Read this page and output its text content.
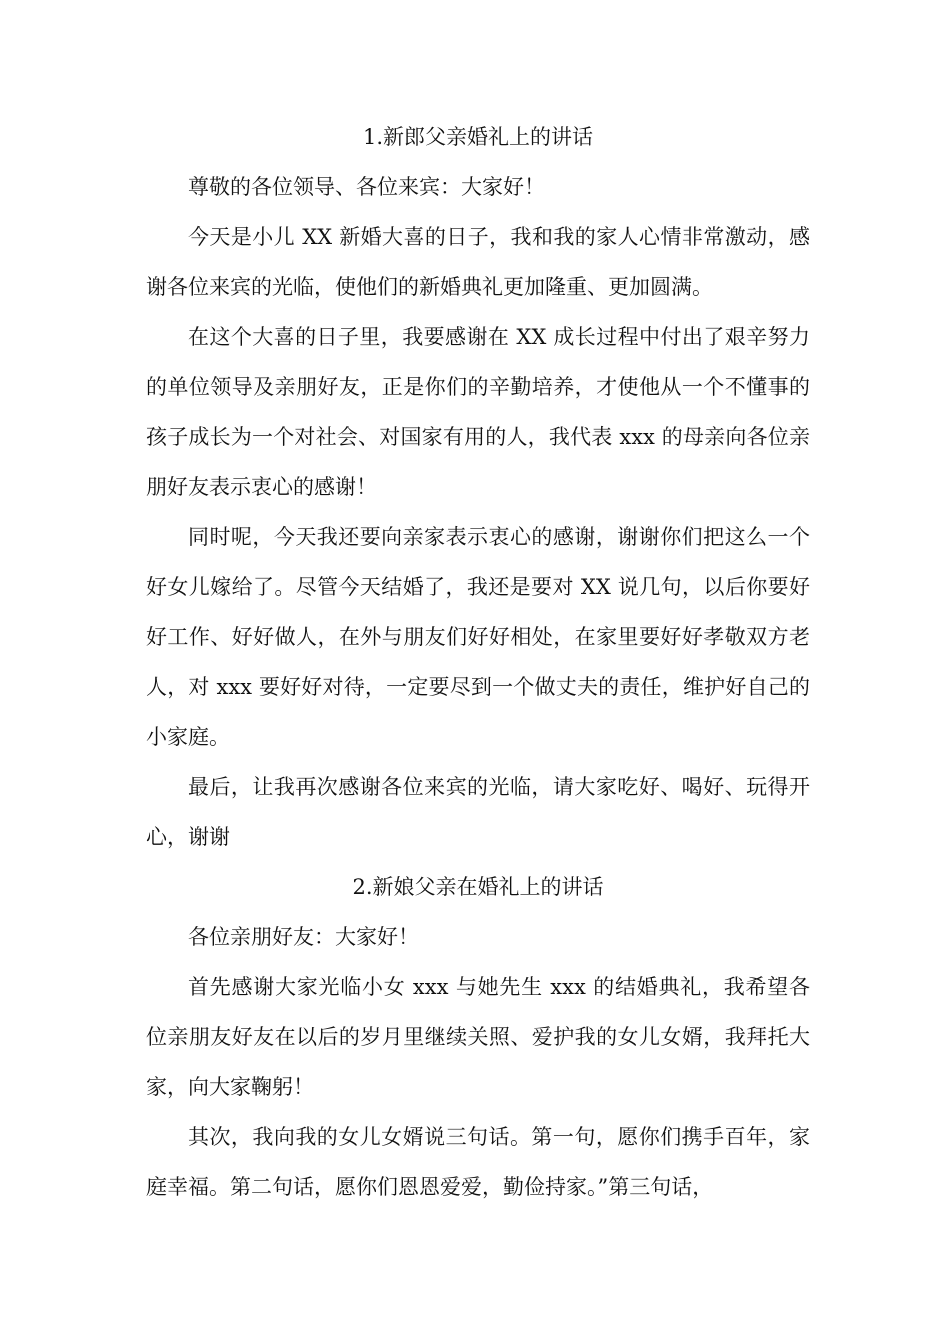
1.新郎父亲婚礼上的讲话

尊敬的各位领导、各位来宾：大家好！

今天是小儿 XX 新婚大喜的日子，我和我的家人心情非常激动，感谢各位来宾的光临，使他们的新婚典礼更加隆重、更加圆满。

在这个大喜的日子里，我要感谢在 XX 成长过程中付出了艰辛努力的单位领导及亲朋好友，正是你们的辛勤培养，才使他从一个不懂事的孩子成长为一个对社会、对国家有用的人，我代表 xxx 的母亲向各位亲朋好友表示衷心的感谢！

同时呢，今天我还要向亲家表示衷心的感谢，谢谢你们把这么一个好女儿嫁给了。尽管今天结婚了，我还是要对 XX 说几句，以后你要好好工作、好好做人，在外与朋友们好好相处，在家里要好好孝敬双方老人，对 xxx 要好好对待，一定要尽到一个做丈夫的责任，维护好自己的小家庭。

最后，让我再次感谢各位来宾的光临，请大家吃好、喝好、玩得开心，谢谢

2.新娘父亲在婚礼上的讲话

各位亲朋好友：大家好！

首先感谢大家光临小女 xxx 与她先生 xxx 的结婚典礼，我希望各位亲朋友好友在以后的岁月里继续关照、爱护我的女儿女婿，我拜托大家，向大家鞠躬！

其次，我向我的女儿女婿说三句话。第一句，愿你们携手百年，家庭幸福。第二句话，愿你们恩恩爱爱，勤俭持家。”第三句话，
